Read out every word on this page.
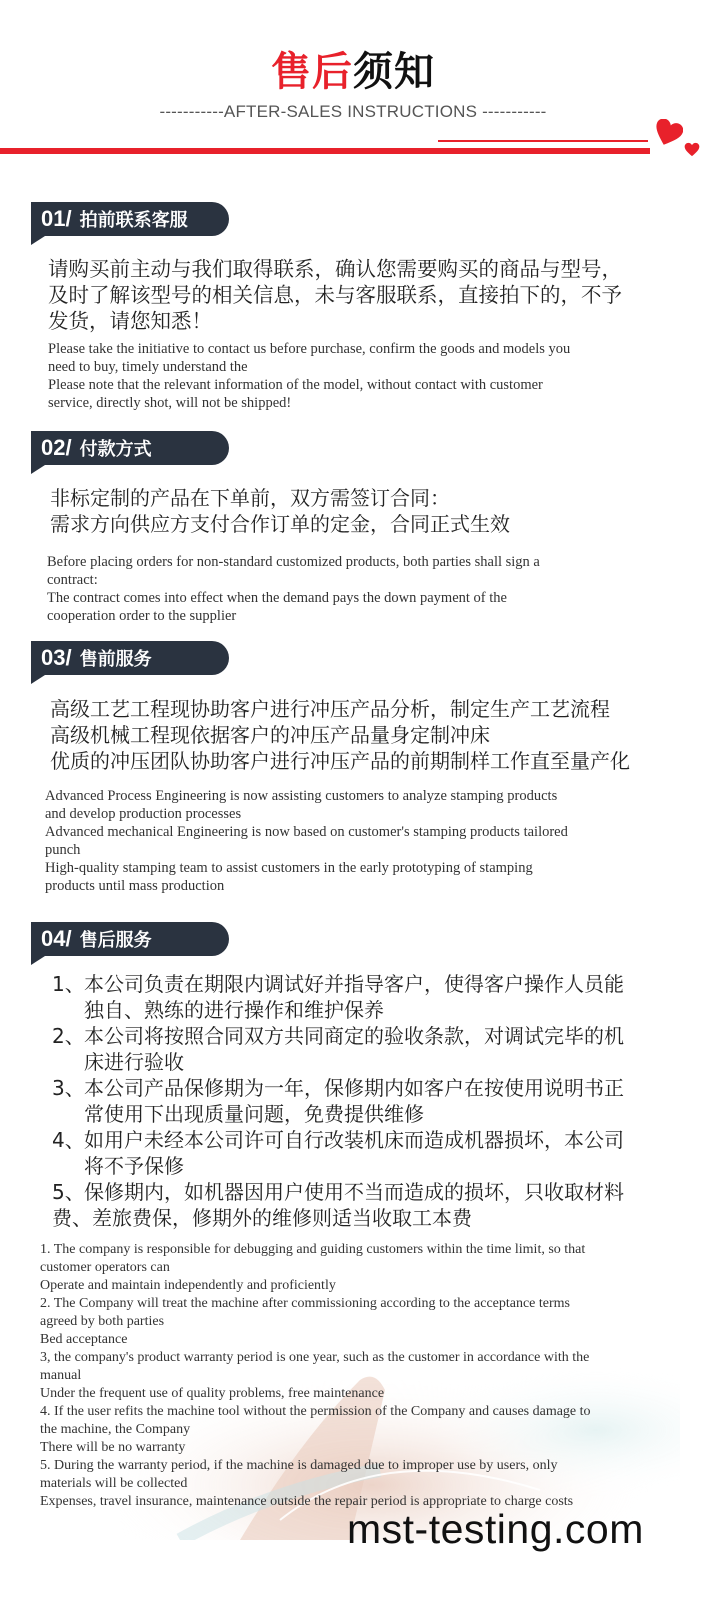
售后须知
-----------AFTER-SALES INSTRUCTIONS -----------
01/ 拍前联系客服
请购买前主动与我们取得联系，确认您需要购买的商品与型号，
及时了解该型号的相关信息，未与客服联系，直接拍下的，不予
发货，请您知悉！
Please take the initiative to contact us before purchase, confirm the goods and models you
need to buy, timely understand the
Please note that the relevant information of the model, without contact with customer
service, directly shot, will not be shipped!
02/ 付款方式
非标定制的产品在下单前，双方需签订合同：
需求方向供应方支付合作订单的定金，合同正式生效
Before placing orders for non-standard customized products, both parties shall sign a
contract:
The contract comes into effect when the demand pays the down payment of the
cooperation order to the supplier
03/ 售前服务
高级工艺工程现协助客户进行冲压产品分析，制定生产工艺流程
高级机械工程现依据客户的冲压产品量身定制冲床
优质的冲压团队协助客户进行冲压产品的前期制样工作直至量产化
Advanced Process Engineering is now assisting customers to analyze stamping products
and develop production processes
Advanced mechanical Engineering is now based on customer's stamping products tailored
punch
High-quality stamping team to assist customers in the early prototyping of stamping
products until mass production
04/ 售后服务
1、 本公司负责在期限内调试好并指导客户，使得客户操作人员能
独自、熟练的进行操作和维护保养
2、 本公司将按照合同双方共同商定的验收条款，对调试完毕的机
床进行验收
3、 本公司产品保修期为一年，保修期内如客户在按使用说明书正
常使用下出现质量问题，免费提供维修
4、 如用户未经本公司许可自行改装机床而造成机器损坏，本公司
将不予保修
5、保修期内，如机器因用户使用不当而造成的损坏，只收取材料
费、差旅费保，修期外的维修则适当收取工本费
1. The company is responsible for debugging and guiding customers within the time limit, so that
customer operators can
Operate and maintain independently and proficiently
2. The Company will treat the machine after commissioning according to the acceptance terms
agreed by both parties
Bed acceptance
3, the company's product warranty period is one year, such as the customer in accordance with the
manual
Under the frequent use of quality problems, free maintenance
4. If the user refits the machine tool without the permission of the Company and causes damage to
the machine, the Company
There will be no warranty
5. During the warranty period, if the machine is damaged due to improper use by users, only
materials will be collected
Expenses, travel insurance, maintenance outside the repair period is appropriate to charge costs
mst-testing.com
